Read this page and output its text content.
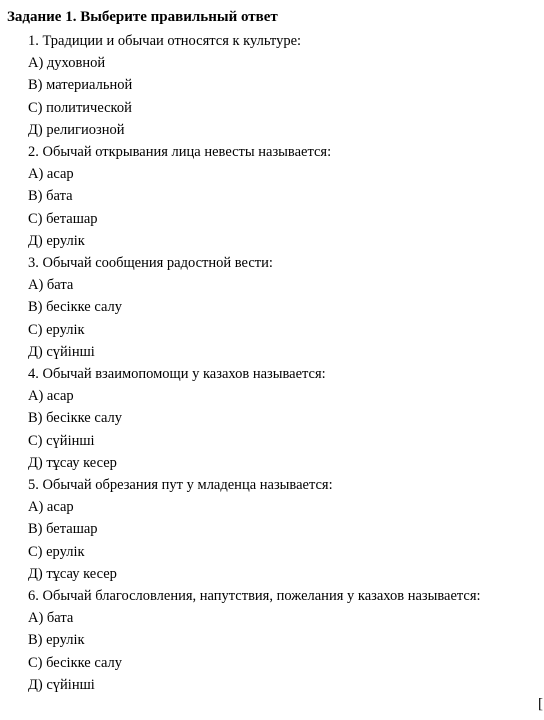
Задание 1. Выберите правильный ответ
1. Традиции и обычаи относятся к культуре:
А) духовной
В) материальной
С) политической
Д) религиозной
2. Обычай открывания лица невесты называется:
А) асар
В) бата
С) беташар
Д) ерулік
3. Обычай сообщения радостной вести:
А) бата
В) бесікке салу
С) ерулік
Д) сүйінші
4. Обычай взаимопомощи у казахов называется:
А) асар
В) бесікке салу
С) сүйінші
Д) тұсау кесер
5. Обычай обрезания пут у младенца называется:
А) асар
В) беташар
С) ерулік
Д) тұсау кесер
6. Обычай благословления, напутствия, пожелания у казахов называется:
А) бата
В) ерулік
С) бесікке салу
Д) сүйінші
[
